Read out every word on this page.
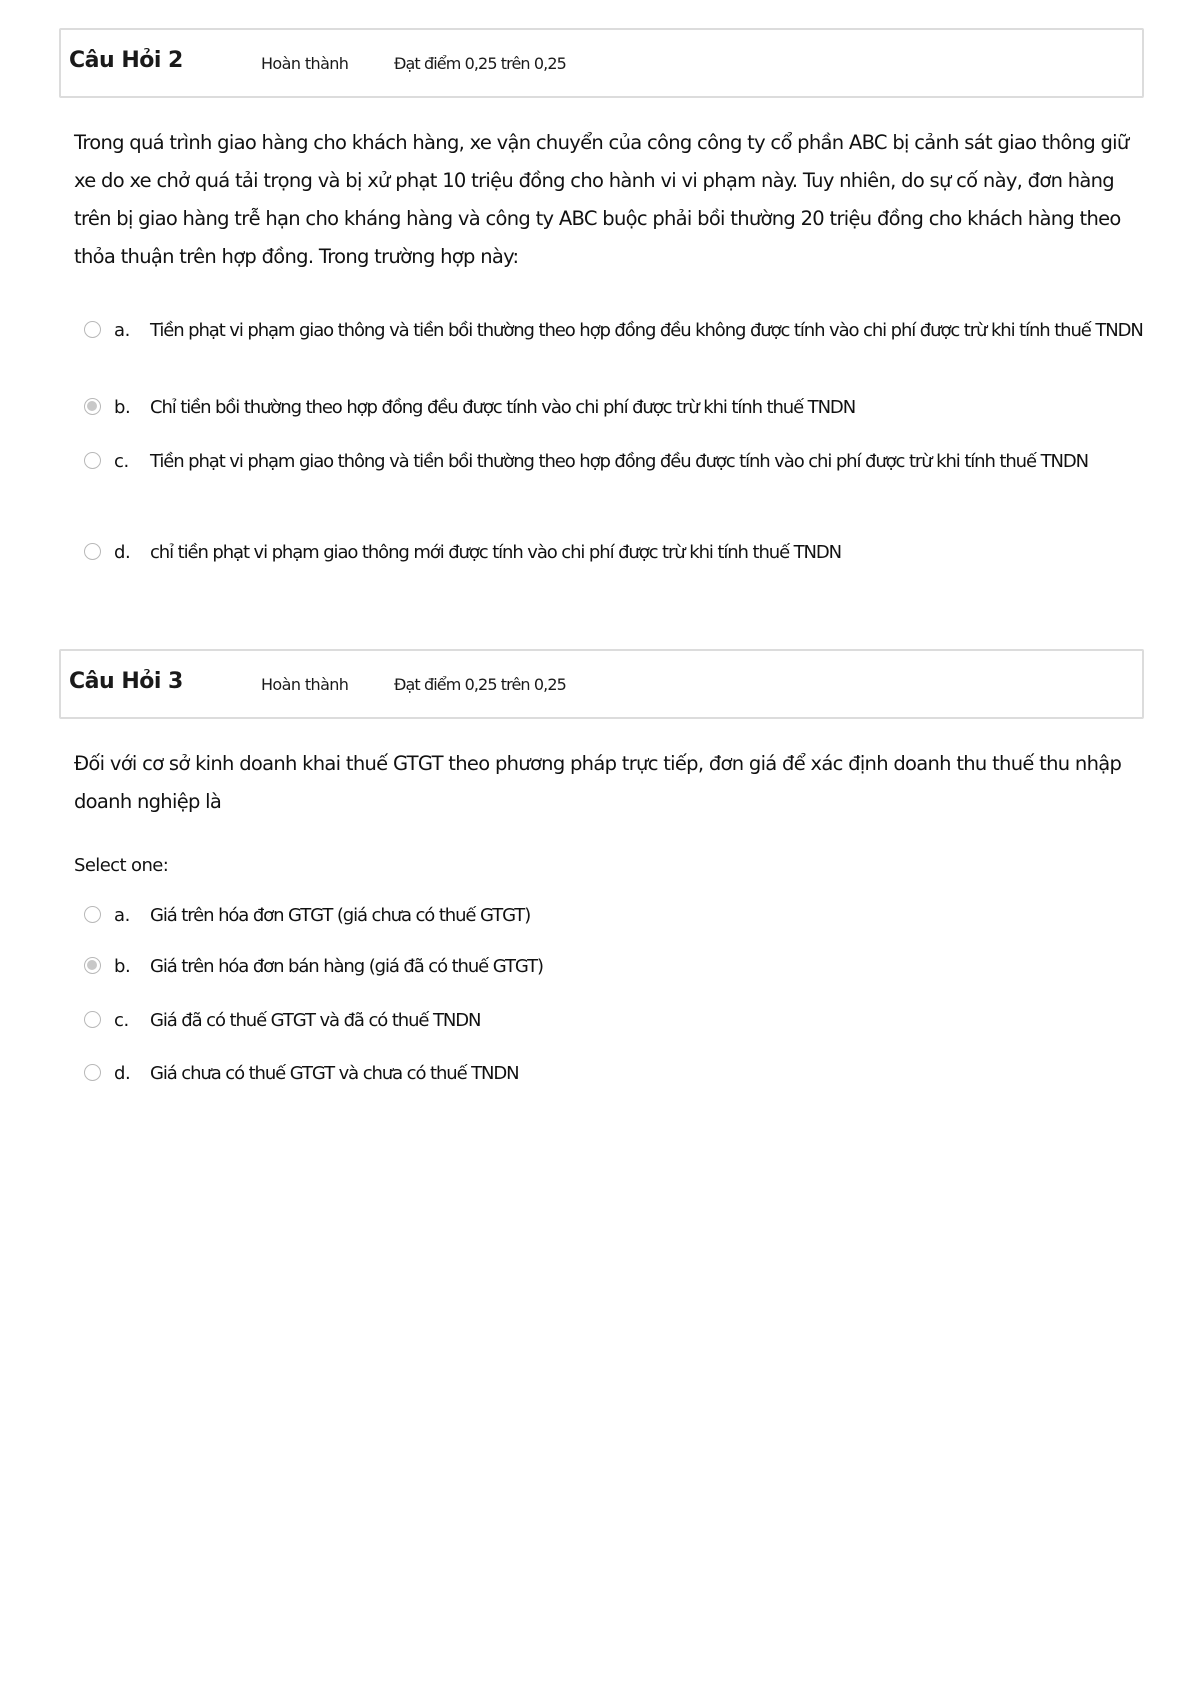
Câu Hỏi 2	Hoàn thành	Đạt điểm 0,25 trên 0,25
Trong quá trình giao hàng cho khách hàng, xe vận chuyển của công công ty cổ phần ABC bị cảnh sát giao thông giữ xe do xe chở quá tải trọng và bị xử phạt 10 triệu đồng cho hành vi vi phạm này. Tuy nhiên, do sự cố này, đơn hàng trên bị giao hàng trễ hạn cho kháng hàng và công ty ABC buộc phải bồi thường 20 triệu đồng cho khách hàng theo thỏa thuận trên hợp đồng. Trong trường hợp này:
a. Tiền phạt vi phạm giao thông và tiền bồi thường theo hợp đồng đều không được tính vào chi phí được trừ khi tính thuế TNDN
b. Chỉ tiền bồi thường theo hợp đồng đều được tính vào chi phí được trừ khi tính thuế TNDN
c. Tiền phạt vi phạm giao thông và tiền bồi thường theo hợp đồng đều được tính vào chi phí được trừ khi tính thuế TNDN
d. chỉ tiền phạt vi phạm giao thông mới được tính vào chi phí được trừ khi tính thuế TNDN
Câu Hỏi 3	Hoàn thành	Đạt điểm 0,25 trên 0,25
Đối với cơ sở kinh doanh khai thuế GTGT theo phương pháp trực tiếp, đơn giá để xác định doanh thu thuế thu nhập doanh nghiệp là
Select one:
a. Giá trên hóa đơn GTGT (giá chưa có thuế GTGT)
b. Giá trên hóa đơn bán hàng (giá đã có thuế GTGT)
c. Giá đã có thuế GTGT và đã có thuế TNDN
d. Giá chưa có thuế GTGT và chưa có thuế TNDN
